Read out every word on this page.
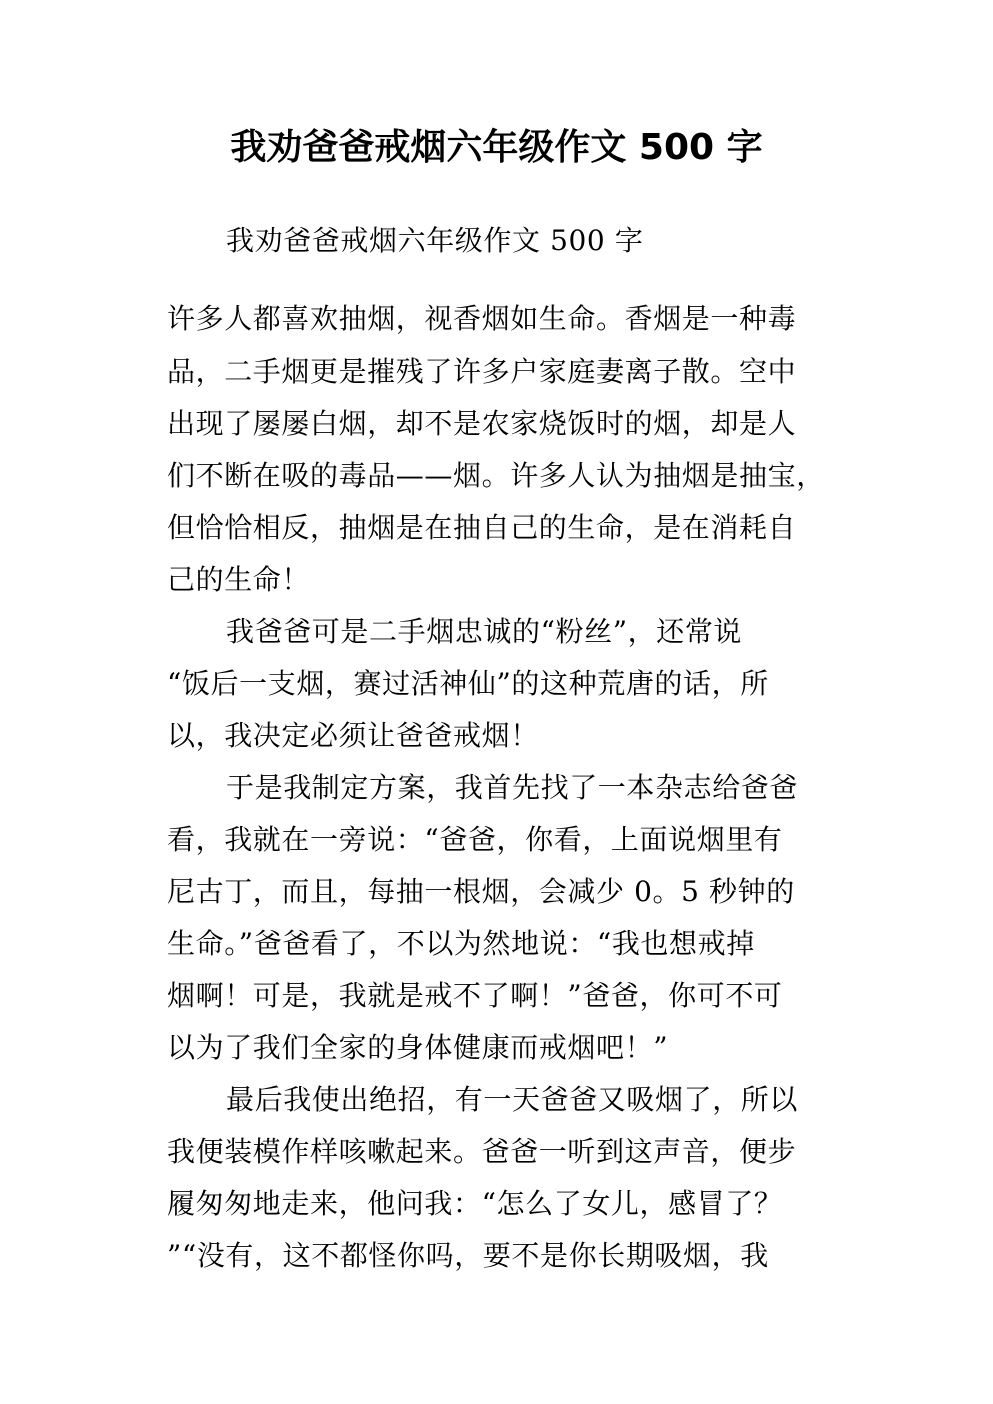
我劝爸爸戒烟六年级作文 500 字
我劝爸爸戒烟六年级作文 500 字
许多人都喜欢抽烟，视香烟如生命。香烟是一种毒
品，二手烟更是摧残了许多户家庭妻离子散。空中
出现了屡屡白烟，却不是农家烧饭时的烟，却是人
们不断在吸的毒品——烟。许多人认为抽烟是抽宝，
但恰恰相反，抽烟是在抽自己的生命，是在消耗自
己的生命！
我爸爸可是二手烟忠诚的“粉丝”，还常说
“饭后一支烟，赛过活神仙”的这种荒唐的话，所
以，我决定必须让爸爸戒烟！
于是我制定方案，我首先找了一本杂志给爸爸
看，我就在一旁说：“爸爸，你看，上面说烟里有
尼古丁，而且，每抽一根烟，会减少 0。5 秒钟的
生命。”爸爸看了，不以为然地说：“我也想戒掉
烟啊！可是，我就是戒不了啊！”爸爸，你可不可
以为了我们全家的身体健康而戒烟吧！”
最后我使出绝招，有一天爸爸又吸烟了，所以
我便装模作样咳嗽起来。爸爸一听到这声音，便步
履匆匆地走来，他问我：“怎么了女儿，感冒了？
”“没有，这不都怪你吗，要不是你长期吸烟，我
